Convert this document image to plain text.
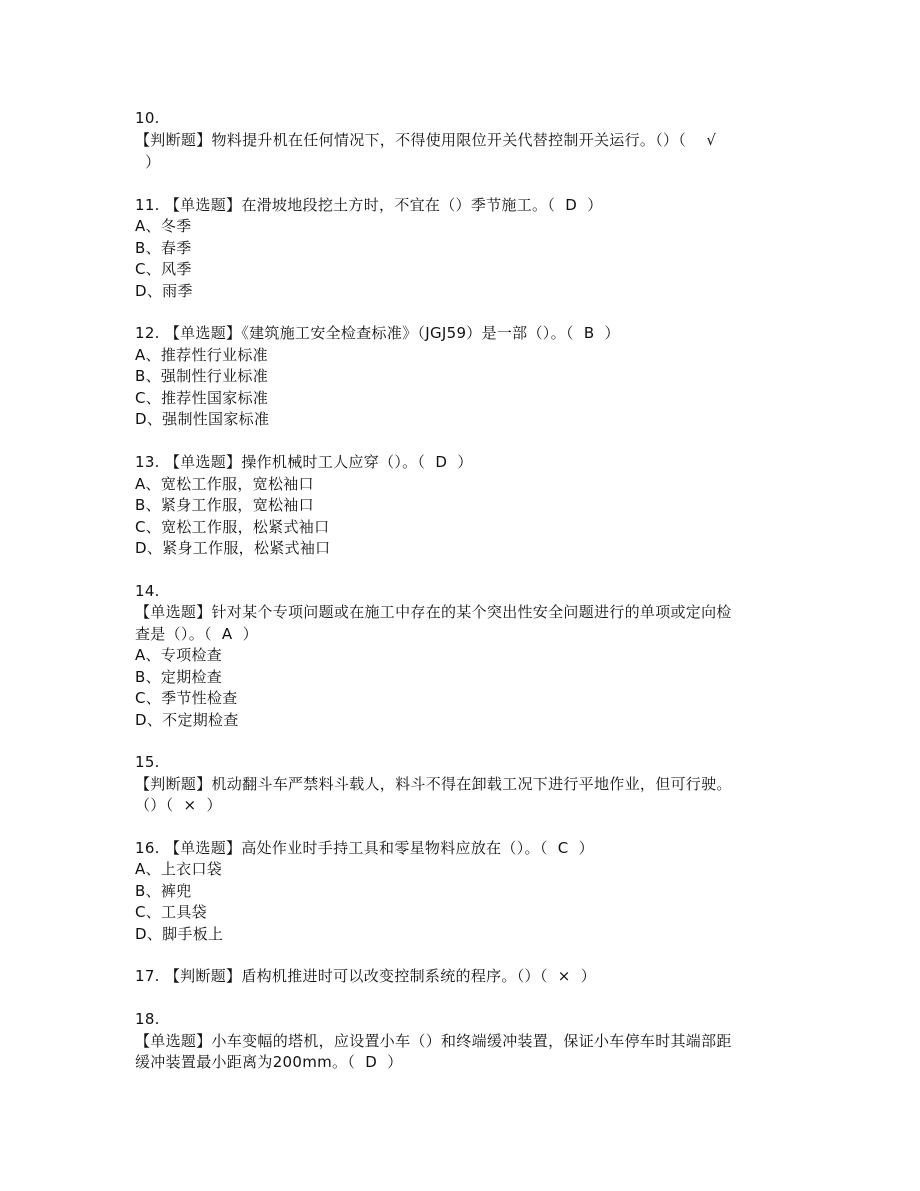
10.
【判断题】物料提升机在任何情况下，不得使用限位开关代替控制开关运行。（）（    √
）
11. 【单选题】在滑坡地段挖土方时，不宜在（）季节施工。（  D  ）
A、冬季
B、春季
C、风季
D、雨季
12. 【单选题】《建筑施工安全检查标准》（JGJ59）是一部（）。（  B  ）
A、推荐性行业标准
B、强制性行业标准
C、推荐性国家标准
D、强制性国家标准
13. 【单选题】操作机械时工人应穿（）。（  D  ）
A、宽松工作服，宽松袖口
B、紧身工作服，宽松袖口
C、宽松工作服，松紧式袖口
D、紧身工作服，松紧式袖口
14.
【单选题】针对某个专项问题或在施工中存在的某个突出性安全问题进行的单项或定向检
查是（）。（  A  ）
A、专项检查
B、定期检查
C、季节性检查
D、不定期检查
15.
【判断题】机动翻斗车严禁料斗载人，料斗不得在卸载工况下进行平地作业，但可行驶。
（）（  ×  ）
16. 【单选题】高处作业时手持工具和零星物料应放在（）。（  C  ）
A、上衣口袋
B、裤兜
C、工具袋
D、脚手板上
17. 【判断题】盾构机推进时可以改变控制系统的程序。（）（  ×  ）
18.
【单选题】小车变幅的塔机，应设置小车（）和终端缓冲装置，保证小车停车时其端部距
缓冲装置最小距离为200mm。（  D  ）
